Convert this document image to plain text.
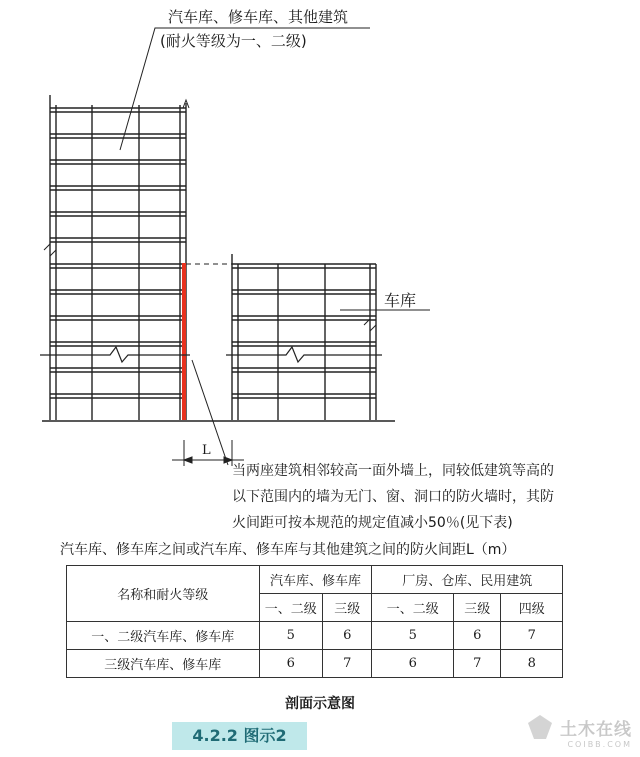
汽车库、修车库、其他建筑
(耐火等级为一、二级)
车库
L
当两座建筑相邻较高一面外墙上，同较低建筑等高的
以下范围内的墙为无门、窗、洞口的防火墙时，其防
火间距可按本规范的规定值减小50％(见下表)
汽车库、修车库之间或汽车库、修车库与其他建筑之间的防火间距L（m）
名称和耐火等级	汽车库、修车库		厂房、仓库、民用建筑		
	一、二级	三级	一、二级	三级	四级
一、二级汽车库、修车库	5	6	5	6	7
三级汽车库、修车库	6	7	6	7	8
剖面示意图
4.2.2 图示2	土木在线
COIBB.COM
